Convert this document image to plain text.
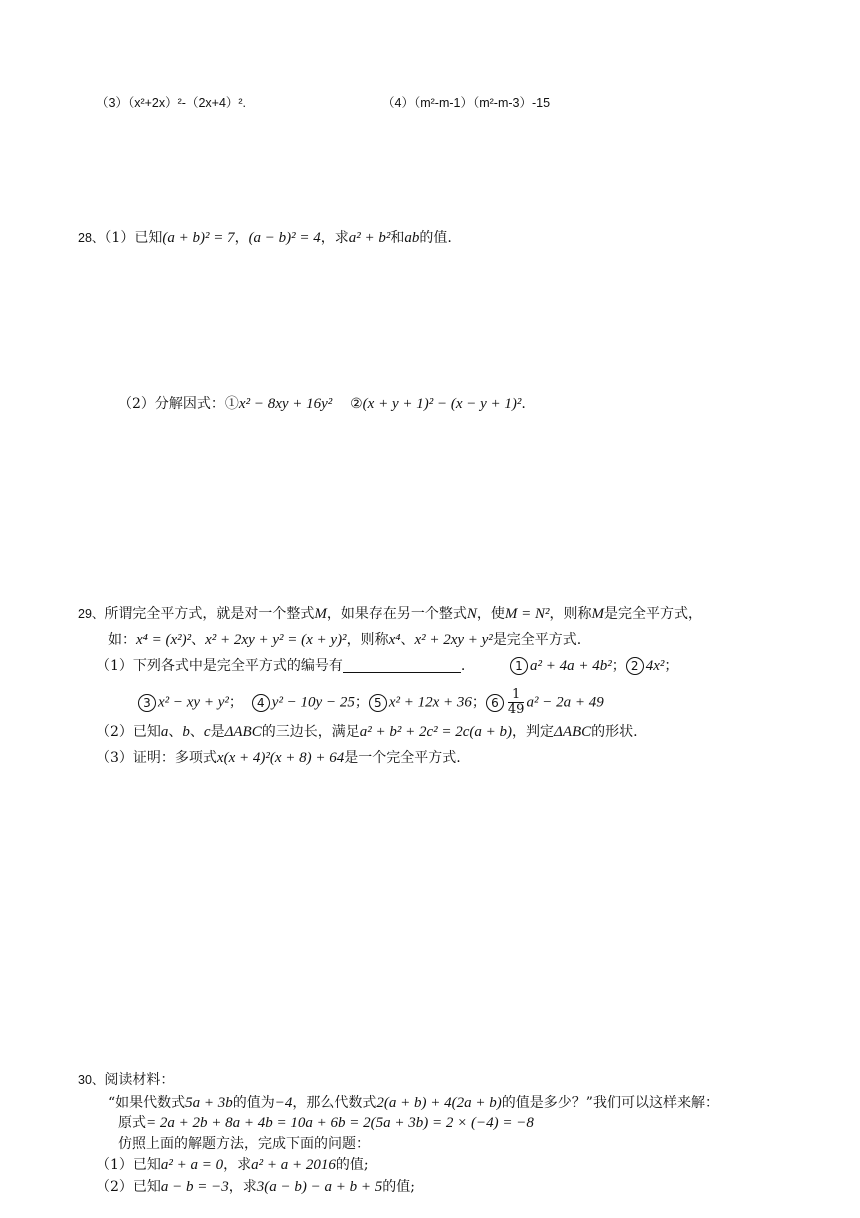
（3）（x²+2x）²-（2x+4）².	（4）（m²-m-1）（m²-m-3）-15
28、（1）已知(a + b)² = 7，(a − b)² = 4，求a² + b²和ab的值.
（2）分解因式：①x² − 8xy + 16y² ②(x + y + 1)² − (x − y + 1)².
29、所谓完全平方式，就是对一个整式M，如果存在另一个整式N，使M = N²，则称M是完全平方式，
如：x⁴ = (x²)²、x² + 2xy + y² = (x + y)²，则称x⁴、x² + 2xy + y²是完全平方式.
（1）下列各式中是完全平方式的编号有	.	1 a² + 4a + 4b²； 2 4x²；
3 x² − xy + y²； 4 y² − 10y − 25； 5 x² + 12x + 36； $6 \frac{1}{49} a^2 - 2a + 49$
（2）已知a、b、c是ΔABC的三边长，满足a² + b² + 2c² = 2c(a + b)，判定ΔABC的形状.
（3）证明：多项式x(x + 4)²(x + 8) + 64是一个完全平方式.
30、阅读材料：
“如果代数式5a + 3b的值为−4，那么代数式2(a + b) + 4(2a + b)的值是多少？”我们可以这样来解：
原式= 2a + 2b + 8a + 4b = 10a + 6b = 2(5a + 3b) = 2 × (−4) = −8
仿照上面的解题方法，完成下面的问题：
（1）已知a² + a = 0，求a² + a + 2016的值;
（2）已知a − b = −3，求3(a − b) − a + b + 5的值;
